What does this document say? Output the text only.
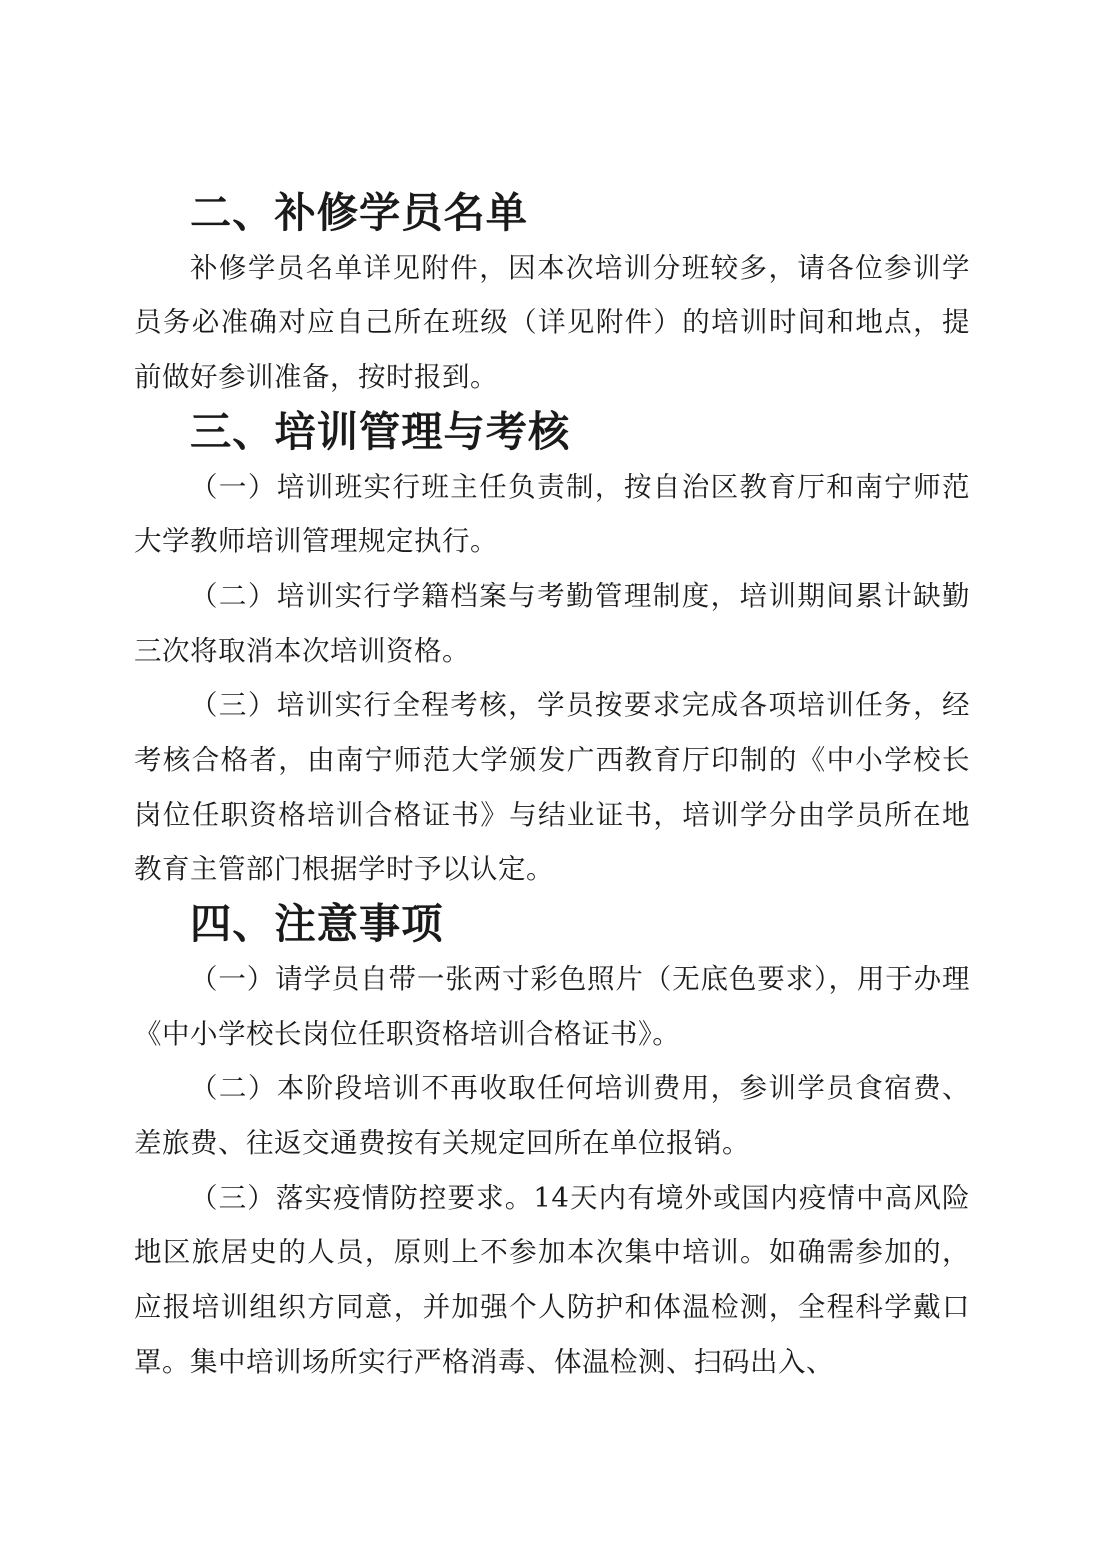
二、补修学员名单

补修学员名单详见附件，因本次培训分班较多，请各位参训学员务必准确对应自己所在班级（详见附件）的培训时间和地点，提前做好参训准备，按时报到。

三、培训管理与考核

（一）培训班实行班主任负责制，按自治区教育厅和南宁师范大学教师培训管理规定执行。

（二）培训实行学籍档案与考勤管理制度，培训期间累计缺勤三次将取消本次培训资格。

（三）培训实行全程考核，学员按要求完成各项培训任务，经考核合格者，由南宁师范大学颁发广西教育厅印制的《中小学校长岗位任职资格培训合格证书》与结业证书，培训学分由学员所在地教育主管部门根据学时予以认定。

四、注意事项

（一）请学员自带一张两寸彩色照片（无底色要求），用于办理《中小学校长岗位任职资格培训合格证书》。

（二）本阶段培训不再收取任何培训费用，参训学员食宿费、差旅费、往返交通费按有关规定回所在单位报销。

（三）落实疫情防控要求。14天内有境外或国内疫情中高风险地区旅居史的人员，原则上不参加本次集中培训。如确需参加的，应报培训组织方同意，并加强个人防护和体温检测，全程科学戴口罩。集中培训场所实行严格消毒、体温检测、扫码出入、
